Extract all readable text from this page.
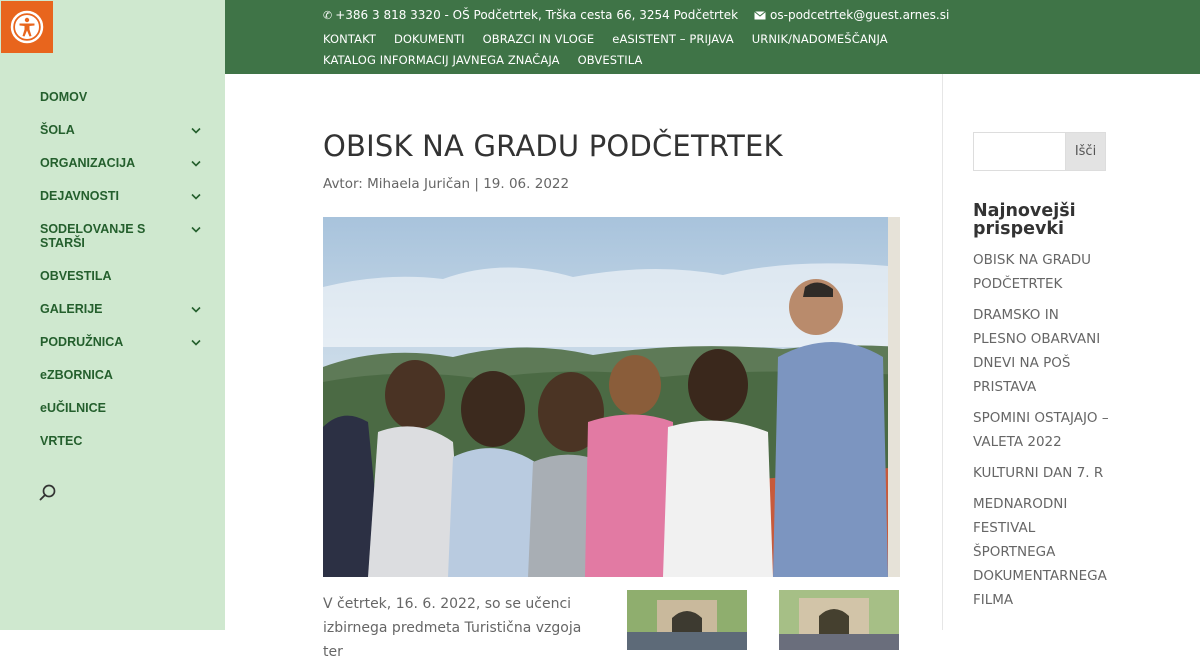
DOMOV
ŠOLA
ORGANIZACIJA
DEJAVNOSTI
SODELOVANJE S STARŠI
OBVESTILA
GALERIJE
PODRUŽNICA
eZBORNICA
eUČILNICE
VRTEC
✆ +386 3 818 3320 - OŠ Podčetrtek, Trška cesta 66, 3254 Podčetrtek	os-podcetrtek@guest.arnes.si
KONTAKT DOKUMENTI OBRAZCI IN VLOGE eASISTENT – PRIJAVA URNIK/NADOMEŠČANJA
KATALOG INFORMACIJ JAVNEGA ZNAČAJA OBVESTILA
OBISK NA GRADU PODČETRTEK
Avtor: Mihaela Juričan | 19. 06. 2022

V četrtek, 16. 6. 2022, so se učenci izbirnega predmeta Turistična vzgoja ter

Išči
Najnovejši prispevki
OBISK NA GRADU PODČETRTEK
DRAMSKO IN PLESNO OBARVANI DNEVI NA POŠ PRISTAVA
SPOMINI OSTAJAJO – VALETA 2022
KULTURNI DAN 7. R
MEDNARODNI FESTIVAL ŠPORTNEGA DOKUMENTARNEGA FILMA
